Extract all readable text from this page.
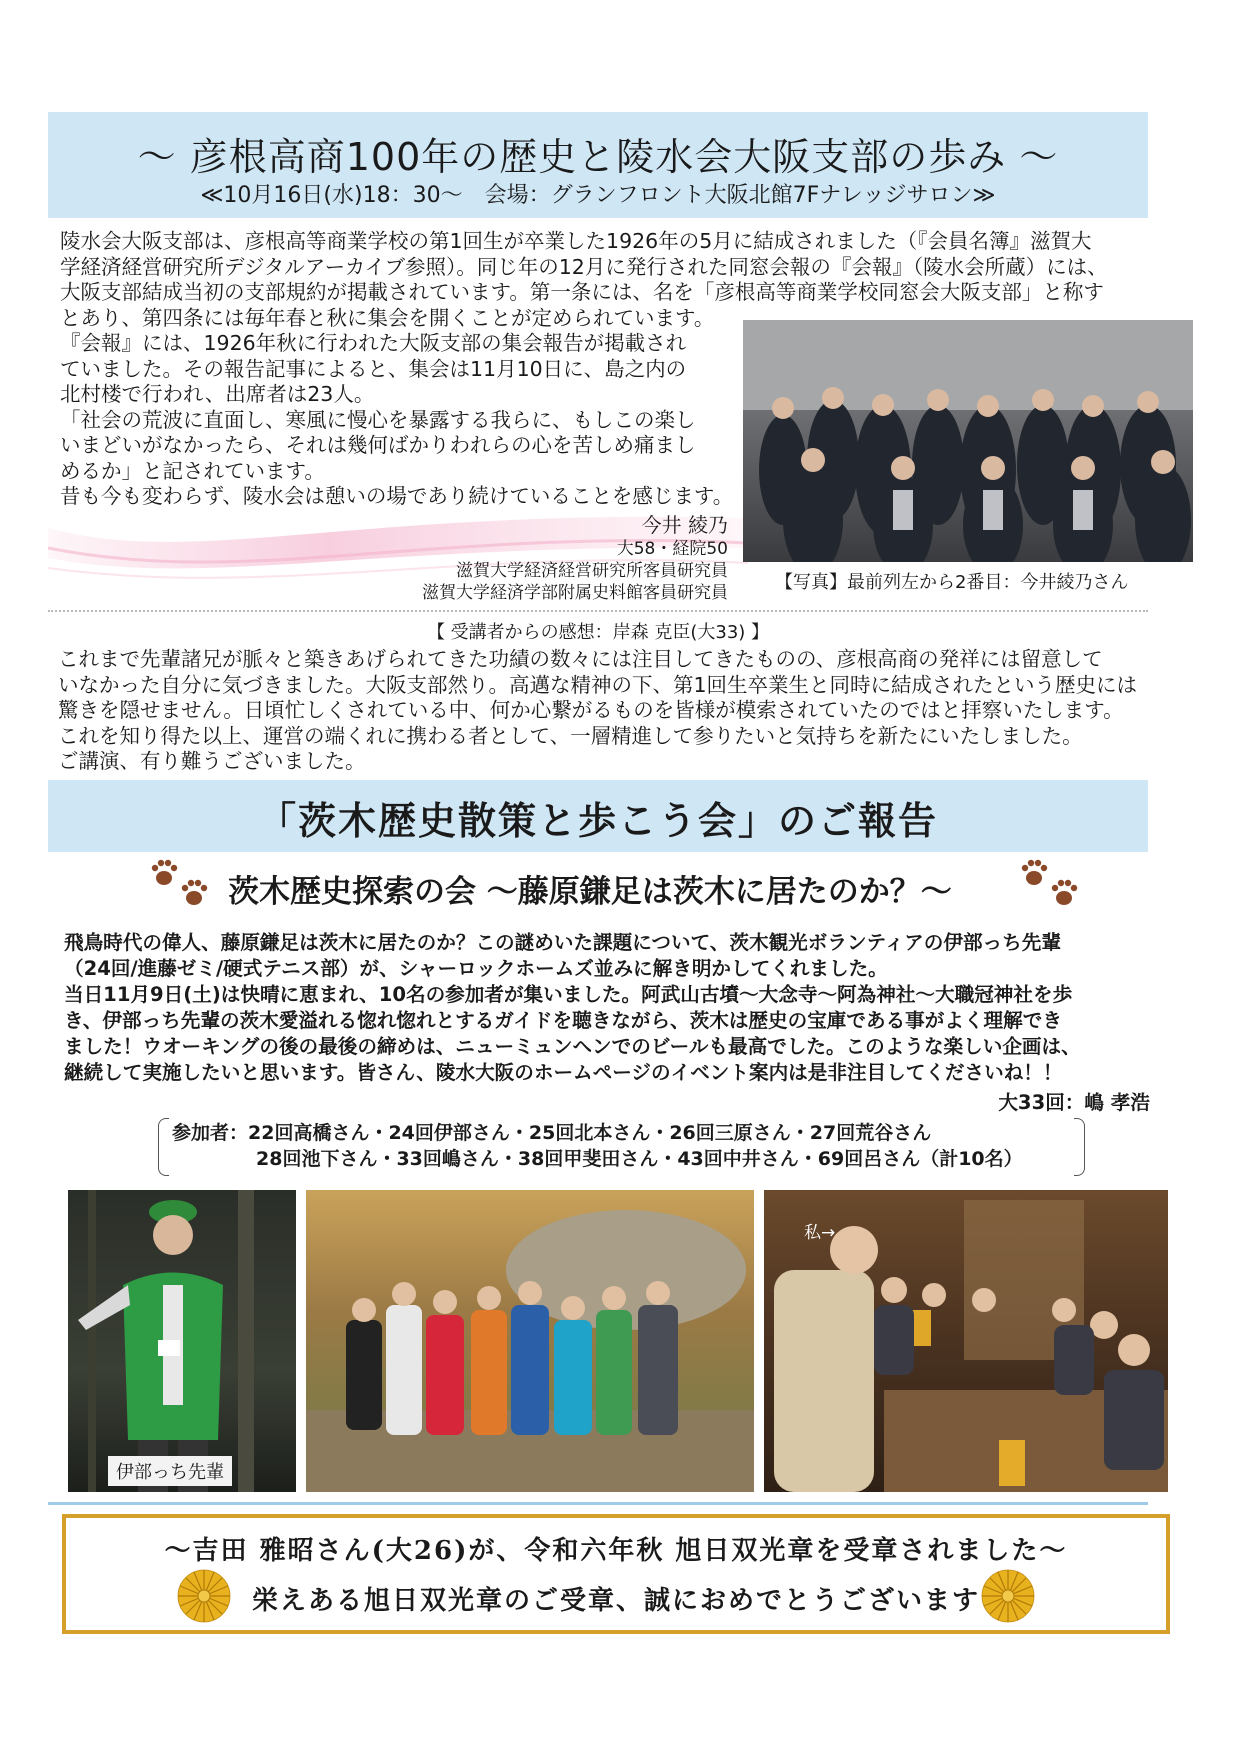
～ 彦根高商100年の歴史と陵水会大阪支部の歩み ～
≪10月16日(水)18：30～　会場：グランフロント大阪北館7Fナレッジサロン≫
陵水会大阪支部は、彦根高等商業学校の第1回生が卒業した1926年の5月に結成されました（『会員名簿』滋賀大
学経済経営研究所デジタルアーカイブ参照）。同じ年の12月に発行された同窓会報の『会報』（陵水会所蔵）には、
大阪支部結成当初の支部規約が掲載されています。第一条には、名を「彦根高等商業学校同窓会大阪支部」と称す
とあり、第四条には毎年春と秋に集会を開くことが定められています。
『会報』には、1926年秋に行われた大阪支部の集会報告が掲載され
ていました。その報告記事によると、集会は11月10日に、島之内の
北村楼で行われ、出席者は23人。
「社会の荒波に直面し、寒風に慢心を暴露する我らに、もしこの楽し
いまどいがなかったら、それは幾何ばかりわれらの心を苦しめ痛まし
めるか」と記されています。
昔も今も変わらず、陵水会は憩いの場であり続けていることを感じます。
今井 綾乃
大58・経院50
滋賀大学経済経営研究所客員研究員
滋賀大学経済学部附属史料館客員研究員	【写真】最前列左から2番目：今井綾乃さん
【 受講者からの感想：岸森 克臣(大33) 】
これまで先輩諸兄が脈々と築きあげられてきた功績の数々には注目してきたものの、彦根高商の発祥には留意して
いなかった自分に気づきました。大阪支部然り。高邁な精神の下、第1回生卒業生と同時に結成されたという歴史には
驚きを隠せません。日頃忙しくされている中、何か心繋がるものを皆様が模索されていたのではと拝察いたします。
これを知り得た以上、運営の端くれに携わる者として、一層精進して参りたいと気持ちを新たにいたしました。
ご講演、有り難うございました。
「茨木歴史散策と歩こう会」のご報告
茨木歴史探索の会 ～藤原鎌足は茨木に居たのか？～
飛鳥時代の偉人、藤原鎌足は茨木に居たのか？この謎めいた課題について、茨木観光ボランティアの伊部っち先輩
（24回/進藤ゼミ/硬式テニス部）が、シャーロックホームズ並みに解き明かしてくれました。
当日11月9日(土)は快晴に恵まれ、10名の参加者が集いました。阿武山古墳～大念寺～阿為神社～大職冠神社を歩
き、伊部っち先輩の茨木愛溢れる惚れ惚れとするガイドを聴きながら、茨木は歴史の宝庫である事がよく理解でき
ました！ウオーキングの後の最後の締めは、ニューミュンヘンでのビールも最高でした。このような楽しい企画は、
継続して実施したいと思います。皆さん、陵水大阪のホームページのイベント案内は是非注目してくださいね！！
大33回：嶋 孝浩
参加者：22回高橋さん・24回伊部さん・25回北本さん・26回三原さん・27回荒谷さん
28回池下さん・33回嶋さん・38回甲斐田さん・43回中井さん・69回呂さん（計10名）
伊部っち先輩
私→
～吉田 雅昭さん(大26)が、令和六年秋 旭日双光章を受章されました～
栄えある旭日双光章のご受章、誠におめでとうございます
